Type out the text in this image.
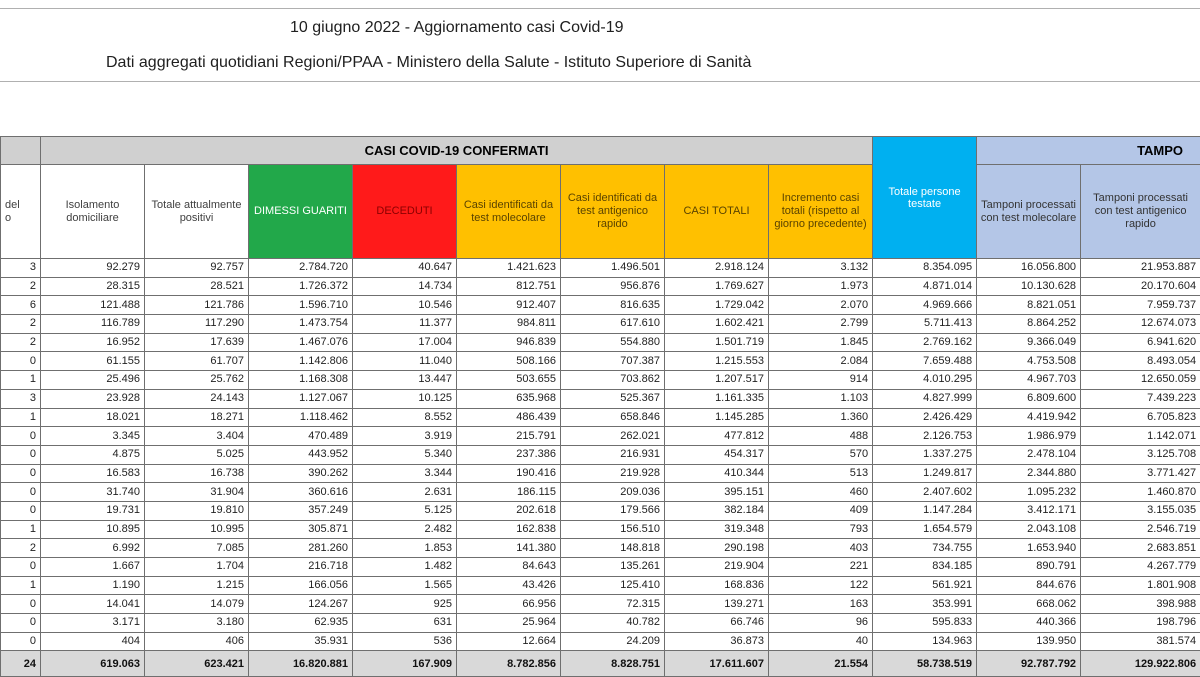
10 giugno 2022 - Aggiornamento casi Covid-19
Dati aggregati quotidiani Regioni/PPAA - Ministero della Salute - Istituto Superiore di Sanità
	CASI COVID-19 CONFERMATI								Totale persone testate	TAMPO	
del
o	Isolamento domiciliare	Totale attualmente positivi	DIMESSI GUARITI	DECEDUTI	Casi identificati da test molecolare	Casi identificati da test antigenico rapido	CASI TOTALI	Incremento casi totali (rispetto al giorno precedente)		Tamponi processati con test molecolare	Tamponi processati con test antigenico rapido
3	92.279	92.757	2.784.720	40.647	1.421.623	1.496.501	2.918.124	3.132	8.354.095	16.056.800	21.953.887
2	28.315	28.521	1.726.372	14.734	812.751	956.876	1.769.627	1.973	4.871.014	10.130.628	20.170.604
6	121.488	121.786	1.596.710	10.546	912.407	816.635	1.729.042	2.070	4.969.666	8.821.051	7.959.737
2	116.789	117.290	1.473.754	11.377	984.811	617.610	1.602.421	2.799	5.711.413	8.864.252	12.674.073
2	16.952	17.639	1.467.076	17.004	946.839	554.880	1.501.719	1.845	2.769.162	9.366.049	6.941.620
0	61.155	61.707	1.142.806	11.040	508.166	707.387	1.215.553	2.084	7.659.488	4.753.508	8.493.054
1	25.496	25.762	1.168.308	13.447	503.655	703.862	1.207.517	914	4.010.295	4.967.703	12.650.059
3	23.928	24.143	1.127.067	10.125	635.968	525.367	1.161.335	1.103	4.827.999	6.809.600	7.439.223
1	18.021	18.271	1.118.462	8.552	486.439	658.846	1.145.285	1.360	2.426.429	4.419.942	6.705.823
0	3.345	3.404	470.489	3.919	215.791	262.021	477.812	488	2.126.753	1.986.979	1.142.071
0	4.875	5.025	443.952	5.340	237.386	216.931	454.317	570	1.337.275	2.478.104	3.125.708
0	16.583	16.738	390.262	3.344	190.416	219.928	410.344	513	1.249.817	2.344.880	3.771.427
0	31.740	31.904	360.616	2.631	186.115	209.036	395.151	460	2.407.602	1.095.232	1.460.870
0	19.731	19.810	357.249	5.125	202.618	179.566	382.184	409	1.147.284	3.412.171	3.155.035
1	10.895	10.995	305.871	2.482	162.838	156.510	319.348	793	1.654.579	2.043.108	2.546.719
2	6.992	7.085	281.260	1.853	141.380	148.818	290.198	403	734.755	1.653.940	2.683.851
0	1.667	1.704	216.718	1.482	84.643	135.261	219.904	221	834.185	890.791	4.267.779
1	1.190	1.215	166.056	1.565	43.426	125.410	168.836	122	561.921	844.676	1.801.908
0	14.041	14.079	124.267	925	66.956	72.315	139.271	163	353.991	668.062	398.988
0	3.171	3.180	62.935	631	25.964	40.782	66.746	96	595.833	440.366	198.796
0	404	406	35.931	536	12.664	24.209	36.873	40	134.963	139.950	381.574
24	619.063	623.421	16.820.881	167.909	8.782.856	8.828.751	17.611.607	21.554	58.738.519	92.787.792	129.922.806
